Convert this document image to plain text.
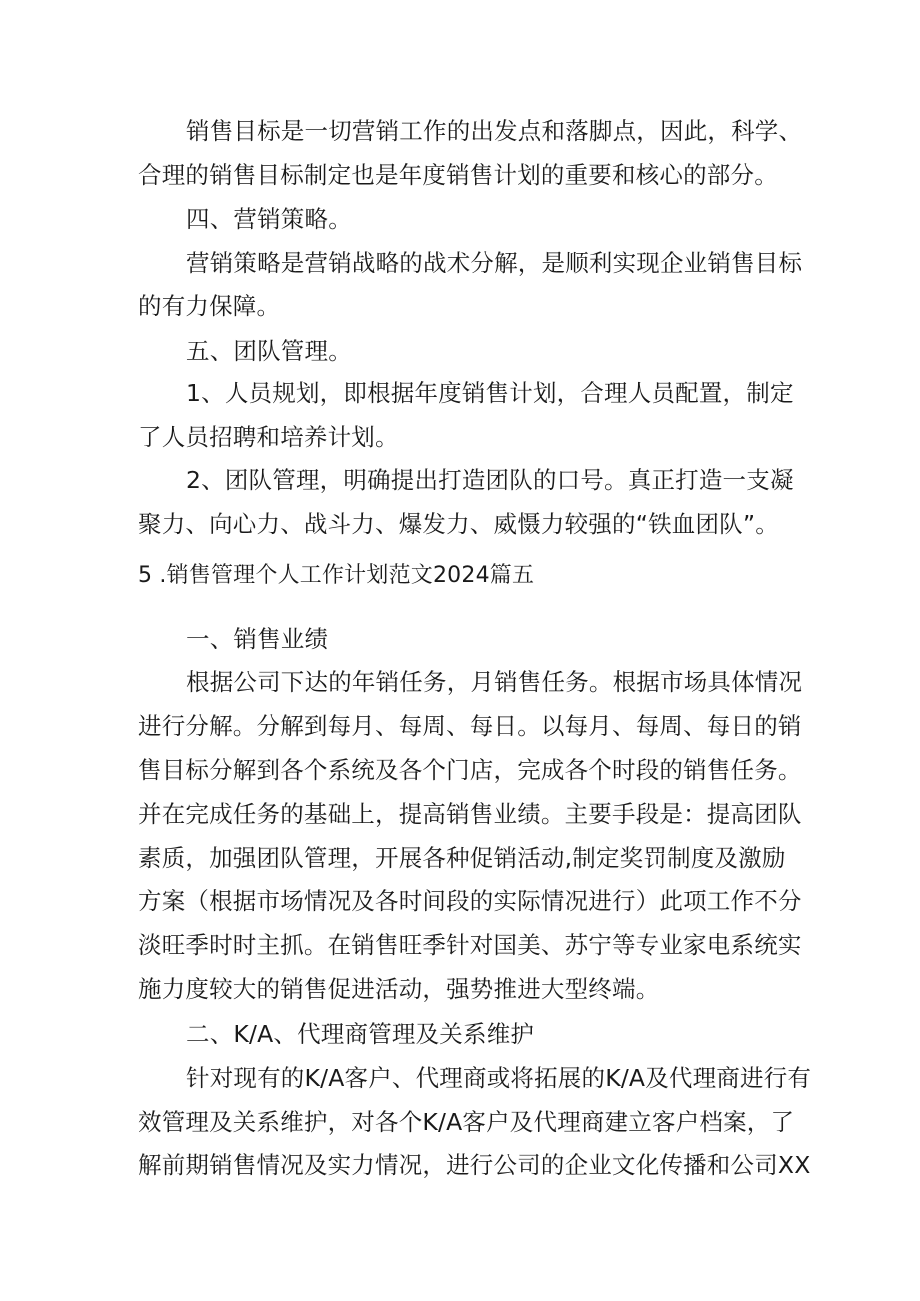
销售目标是一切营销工作的出发点和落脚点，因此，科学、
合理的销售目标制定也是年度销售计划的重要和核心的部分。
四、营销策略。
营销策略是营销战略的战术分解，是顺利实现企业销售目标
的有力保障。
五、团队管理。
1、人员规划，即根据年度销售计划，合理人员配置，制定
了人员招聘和培养计划。
2、团队管理，明确提出打造团队的口号。真正打造一支凝
聚力、向心力、战斗力、爆发力、威慑力较强的“铁血团队”。
5 .销售管理个人工作计划范文2024篇五
一、销售业绩
根据公司下达的年销任务，月销售任务。根据市场具体情况
进行分解。分解到每月、每周、每日。以每月、每周、每日的销
售目标分解到各个系统及各个门店，完成各个时段的销售任务。
并在完成任务的基础上，提高销售业绩。主要手段是：提高团队
素质，加强团队管理，开展各种促销活动,制定奖罚制度及激励
方案（根据市场情况及各时间段的实际情况进行）此项工作不分
淡旺季时时主抓。在销售旺季针对国美、苏宁等专业家电系统实
施力度较大的销售促进活动，强势推进大型终端。
二、K/A、代理商管理及关系维护
针对现有的K/A客户、代理商或将拓展的K/A及代理商进行有
效管理及关系维护，对各个K/A客户及代理商建立客户档案，了
解前期销售情况及实力情况，进行公司的企业文化传播和公司XX
